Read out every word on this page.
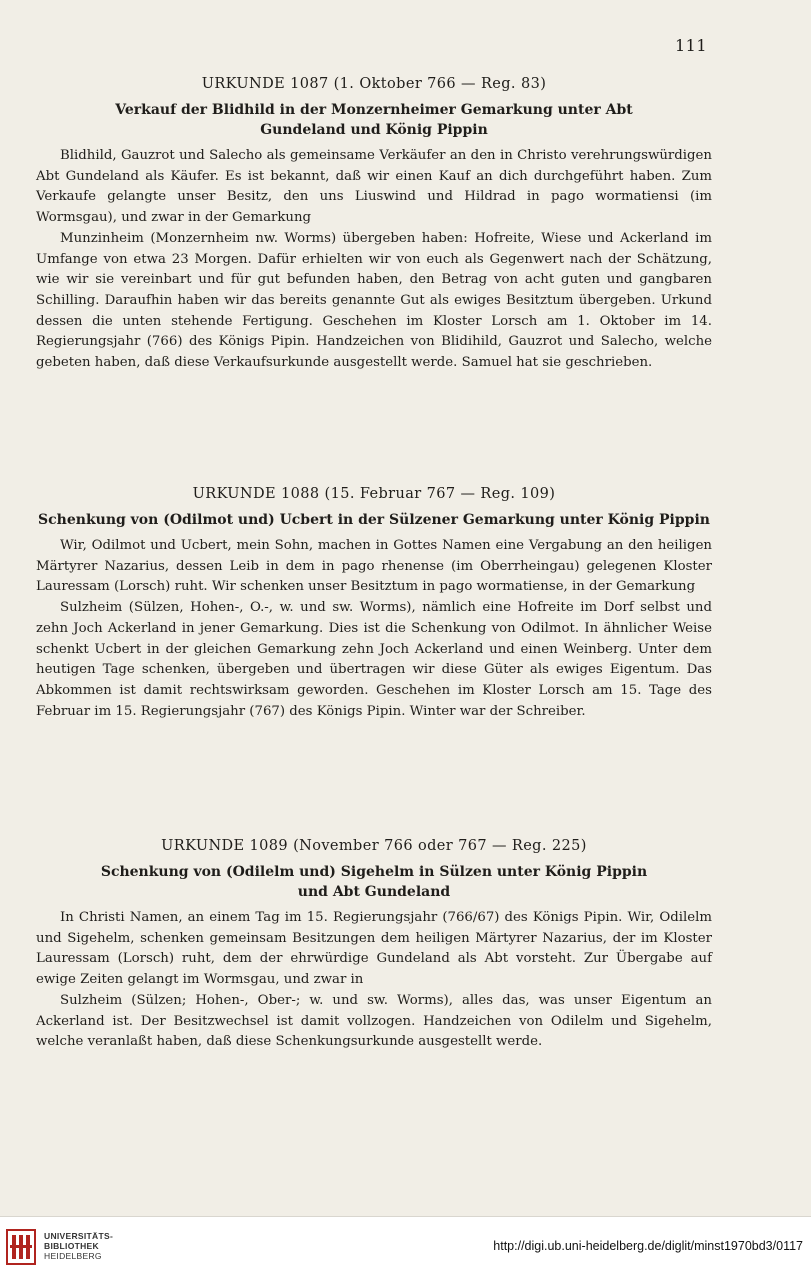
111
URKUNDE 1087 (1. Oktober 766 — Reg. 83)
Verkauf der Blidhild in der Monzernheimer Gemarkung unter Abt
Gundeland und König Pippin

Blidhild, Gauzrot und Salecho als gemeinsame Verkäufer an den in Christo verehrungswürdigen Abt Gundeland als Käufer. Es ist bekannt, daß wir einen Kauf an dich durchgeführt haben. Zum Verkaufe gelangte unser Besitz, den uns Liuswind und Hildrad in pago wormatiensi (im Wormsgau), und zwar in der Gemarkung

Munzinheim (Monzernheim nw. Worms) übergeben haben: Hofreite, Wiese und Ackerland im Umfange von etwa 23 Morgen. Dafür erhielten wir von euch als Gegenwert nach der Schätzung, wie wir sie vereinbart und für gut befunden haben, den Betrag von acht guten und gangbaren Schilling. Daraufhin haben wir das bereits genannte Gut als ewiges Besitztum übergeben. Urkund dessen die unten stehende Fertigung. Geschehen im Kloster Lorsch am 1. Oktober im 14. Regierungsjahr (766) des Königs Pipin. Handzeichen von Blidihild, Gauzrot und Salecho, welche gebeten haben, daß diese Verkaufsurkunde ausgestellt werde. Samuel hat sie geschrieben.

URKUNDE 1088 (15. Februar 767 — Reg. 109)
Schenkung von (Odilmot und) Ucbert in der Sülzener Gemarkung unter König Pippin

Wir, Odilmot und Ucbert, mein Sohn, machen in Gottes Namen eine Vergabung an den heiligen Märtyrer Nazarius, dessen Leib in dem in pago rhenense (im Oberrheingau) gelegenen Kloster Lauressam (Lorsch) ruht. Wir schenken unser Besitztum in pago wormatiense, in der Gemarkung

Sulzheim (Sülzen, Hohen-, O.-, w. und sw. Worms), nämlich eine Hofreite im Dorf selbst und zehn Joch Ackerland in jener Gemarkung. Dies ist die Schenkung von Odilmot. In ähnlicher Weise schenkt Ucbert in der gleichen Gemarkung zehn Joch Ackerland und einen Weinberg. Unter dem heutigen Tage schenken, übergeben und übertragen wir diese Güter als ewiges Eigentum. Das Abkommen ist damit rechtswirksam geworden. Geschehen im Kloster Lorsch am 15. Tage des Februar im 15. Regierungsjahr (767) des Königs Pipin. Winter war der Schreiber.

URKUNDE 1089 (November 766 oder 767 — Reg. 225)
Schenkung von (Odilelm und) Sigehelm in Sülzen unter König Pippin
und Abt Gundeland

In Christi Namen, an einem Tag im 15. Regierungsjahr (766/67) des Königs Pipin. Wir, Odilelm und Sigehelm, schenken gemeinsam Besitzungen dem heiligen Märtyrer Nazarius, der im Kloster Lauressam (Lorsch) ruht, dem der ehrwürdige Gundeland als Abt vorsteht. Zur Übergabe auf ewige Zeiten gelangt im Wormsgau, und zwar in

Sulzheim (Sülzen; Hohen-, Ober-; w. und sw. Worms), alles das, was unser Eigentum an Ackerland ist. Der Besitzwechsel ist damit vollzogen. Handzeichen von Odilelm und Sigehelm, welche veranlaßt haben, daß diese Schenkungsurkunde ausgestellt werde.

UNIVERSITÄTS-
BIBLIOTHEK
HEIDELBERG
http://digi.ub.uni-heidelberg.de/diglit/minst1970bd3/0117
